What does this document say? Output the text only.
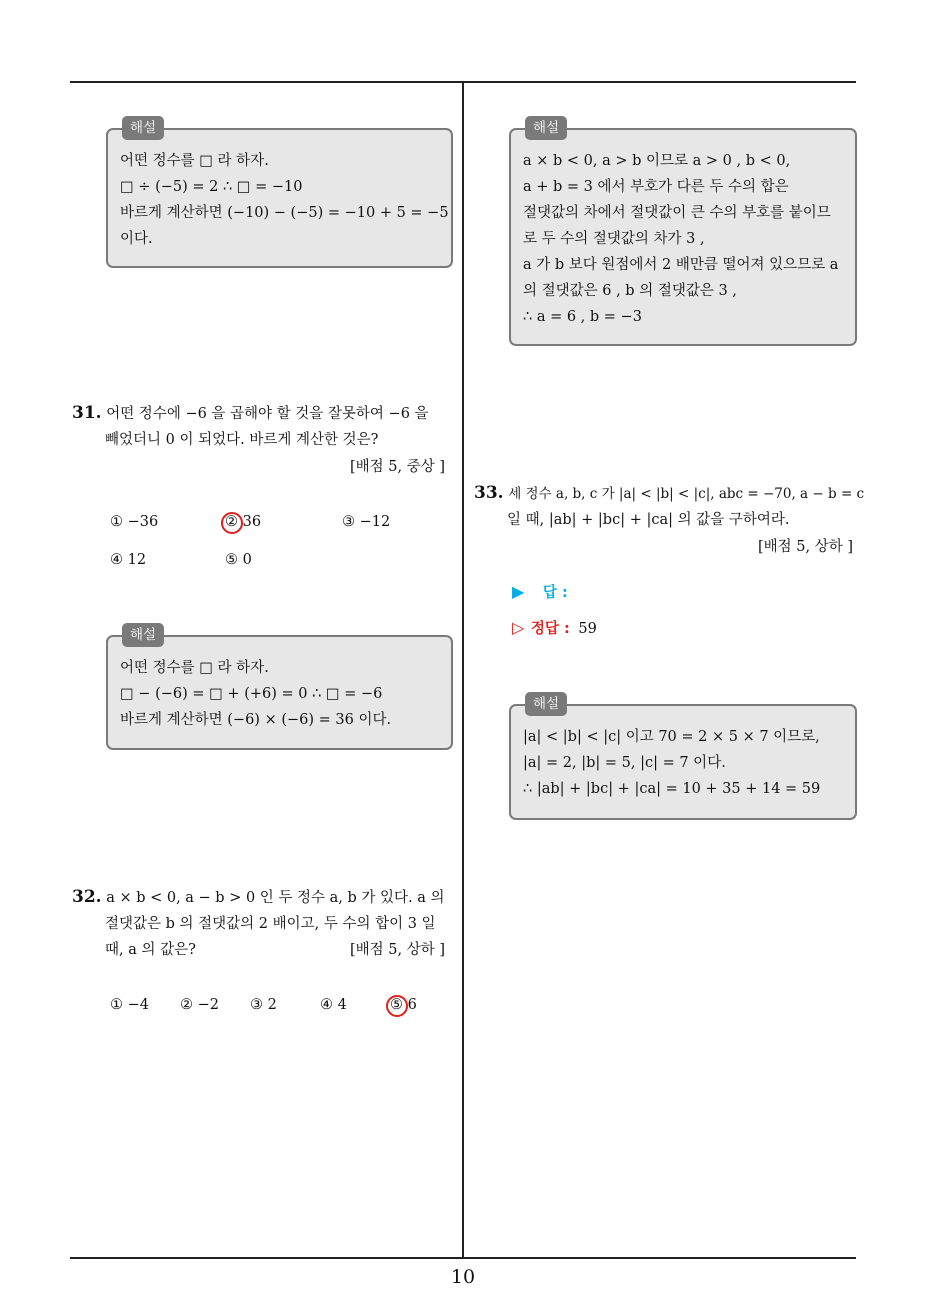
해설
어떤 정수를 □ 라 하자.
□ ÷ (−5) = 2 ∴ □ = −10
바르게 계산하면 (−10) − (−5) = −10 + 5 = −5
이다.
31. 어떤 정수에 −6 을 곱해야 할 것을 잘못하여 −6 을
빼었더니 0 이 되었다. 바르게 계산한 것은?
[배점 5, 중상 ]
① −36	② 36	③ −12
④ 12	⑤ 0
해설
어떤 정수를 □ 라 하자.
□ − (−6) = □ + (+6) = 0 ∴ □ = −6
바르게 계산하면 (−6) × (−6) = 36 이다.
32. a × b < 0, a − b > 0 인 두 정수 a, b 가 있다. a 의
절댓값은 b 의 절댓값의 2 배이고, 두 수의 합이 3 일
때, a 의 값은?	[배점 5, 상하 ]
① −4 ② −2 ③ 2	④ 4	⑤ 6
해설
a × b < 0, a > b 이므로 a > 0 , b < 0,
a + b = 3 에서 부호가 다른 두 수의 합은
절댓값의 차에서 절댓값이 큰 수의 부호를 붙이므
로 두 수의 절댓값의 차가 3 ,
a 가 b 보다 원점에서 2 배만큼 떨어져 있으므로 a
의 절댓값은 6 , b 의 절댓값은 3 ,
∴ a = 6 , b = −3
33. 세 정수 a, b, c 가 |a| < |b| < |c|, abc = −70, a − b = c
일 때, |ab| + |bc| + |ca| 의 값을 구하여라.
[배점 5, 상하 ]
▶ 답 :
▷ 정답 : 59
해설
|a| < |b| < |c| 이고 70 = 2 × 5 × 7 이므로,
|a| = 2, |b| = 5, |c| = 7 이다.
∴ |ab| + |bc| + |ca| = 10 + 35 + 14 = 59
10
